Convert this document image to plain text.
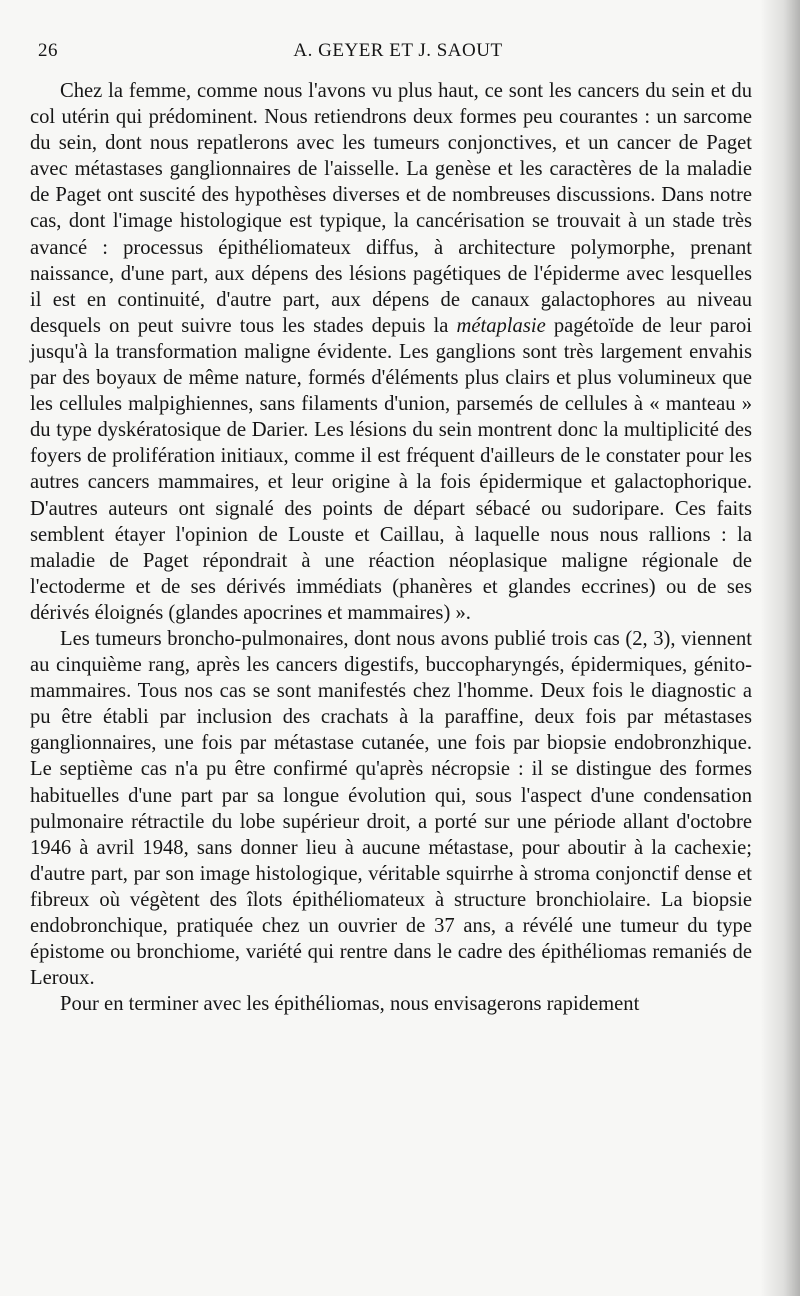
26	A. GEYER ET J. SAOUT

Chez la femme, comme nous l'avons vu plus haut, ce sont les cancers du sein et du col utérin qui prédominent. Nous retiendrons deux formes peu courantes : un sarcome du sein, dont nous repatlerons avec les tumeurs conjonctives, et un cancer de Paget avec métastases ganglionnaires de l'aisselle. La genèse et les caractères de la maladie de Paget ont suscité des hypothèses diverses et de nombreuses discussions. Dans notre cas, dont l'image histologique est typique, la cancérisation se trouvait à un stade très avancé : processus épithéliomateux diffus, à architecture polymorphe, prenant naissance, d'une part, aux dépens des lésions pagétiques de l'épiderme avec lesquelles il est en continuité, d'autre part, aux dépens de canaux galactophores au niveau desquels on peut suivre tous les stades depuis la métaplasie pagétoïde de leur paroi jusqu'à la transformation maligne évidente. Les ganglions sont très largement envahis par des boyaux de même nature, formés d'éléments plus clairs et plus volumineux que les cellules malpighiennes, sans filaments d'union, parsemés de cellules à « manteau » du type dyskératosique de Darier. Les lésions du sein montrent donc la multiplicité des foyers de prolifération initiaux, comme il est fréquent d'ailleurs de le constater pour les autres cancers mammaires, et leur origine à la fois épidermique et galactophorique. D'autres auteurs ont signalé des points de départ sébacé ou sudoripare. Ces faits semblent étayer l'opinion de Louste et Caillau, à laquelle nous nous rallions : la maladie de Paget répondrait à une réaction néoplasique maligne régionale de l'ectoderme et de ses dérivés immédiats (phanères et glandes eccrines) ou de ses dérivés éloignés (glandes apocrines et mammaires) ».

Les tumeurs broncho-pulmonaires, dont nous avons publié trois cas (2, 3), viennent au cinquième rang, après les cancers digestifs, buccopharyngés, épidermiques, génito-mammaires. Tous nos cas se sont manifestés chez l'homme. Deux fois le diagnostic a pu être établi par inclusion des crachats à la paraffine, deux fois par métastases ganglionnaires, une fois par métastase cutanée, une fois par biopsie endobronzhique. Le septième cas n'a pu être confirmé qu'après nécropsie : il se distingue des formes habituelles d'une part par sa longue évolution qui, sous l'aspect d'une condensation pulmonaire rétractile du lobe supérieur droit, a porté sur une période allant d'octobre 1946 à avril 1948, sans donner lieu à aucune métastase, pour aboutir à la cachexie; d'autre part, par son image histologique, véritable squirrhe à stroma conjonctif dense et fibreux où végètent des îlots épithéliomateux à structure bronchiolaire. La biopsie endobronchique, pratiquée chez un ouvrier de 37 ans, a révélé une tumeur du type épistome ou bronchiome, variété qui rentre dans le cadre des épithéliomas remaniés de Leroux.

Pour en terminer avec les épithéliomas, nous envisagerons rapidement
